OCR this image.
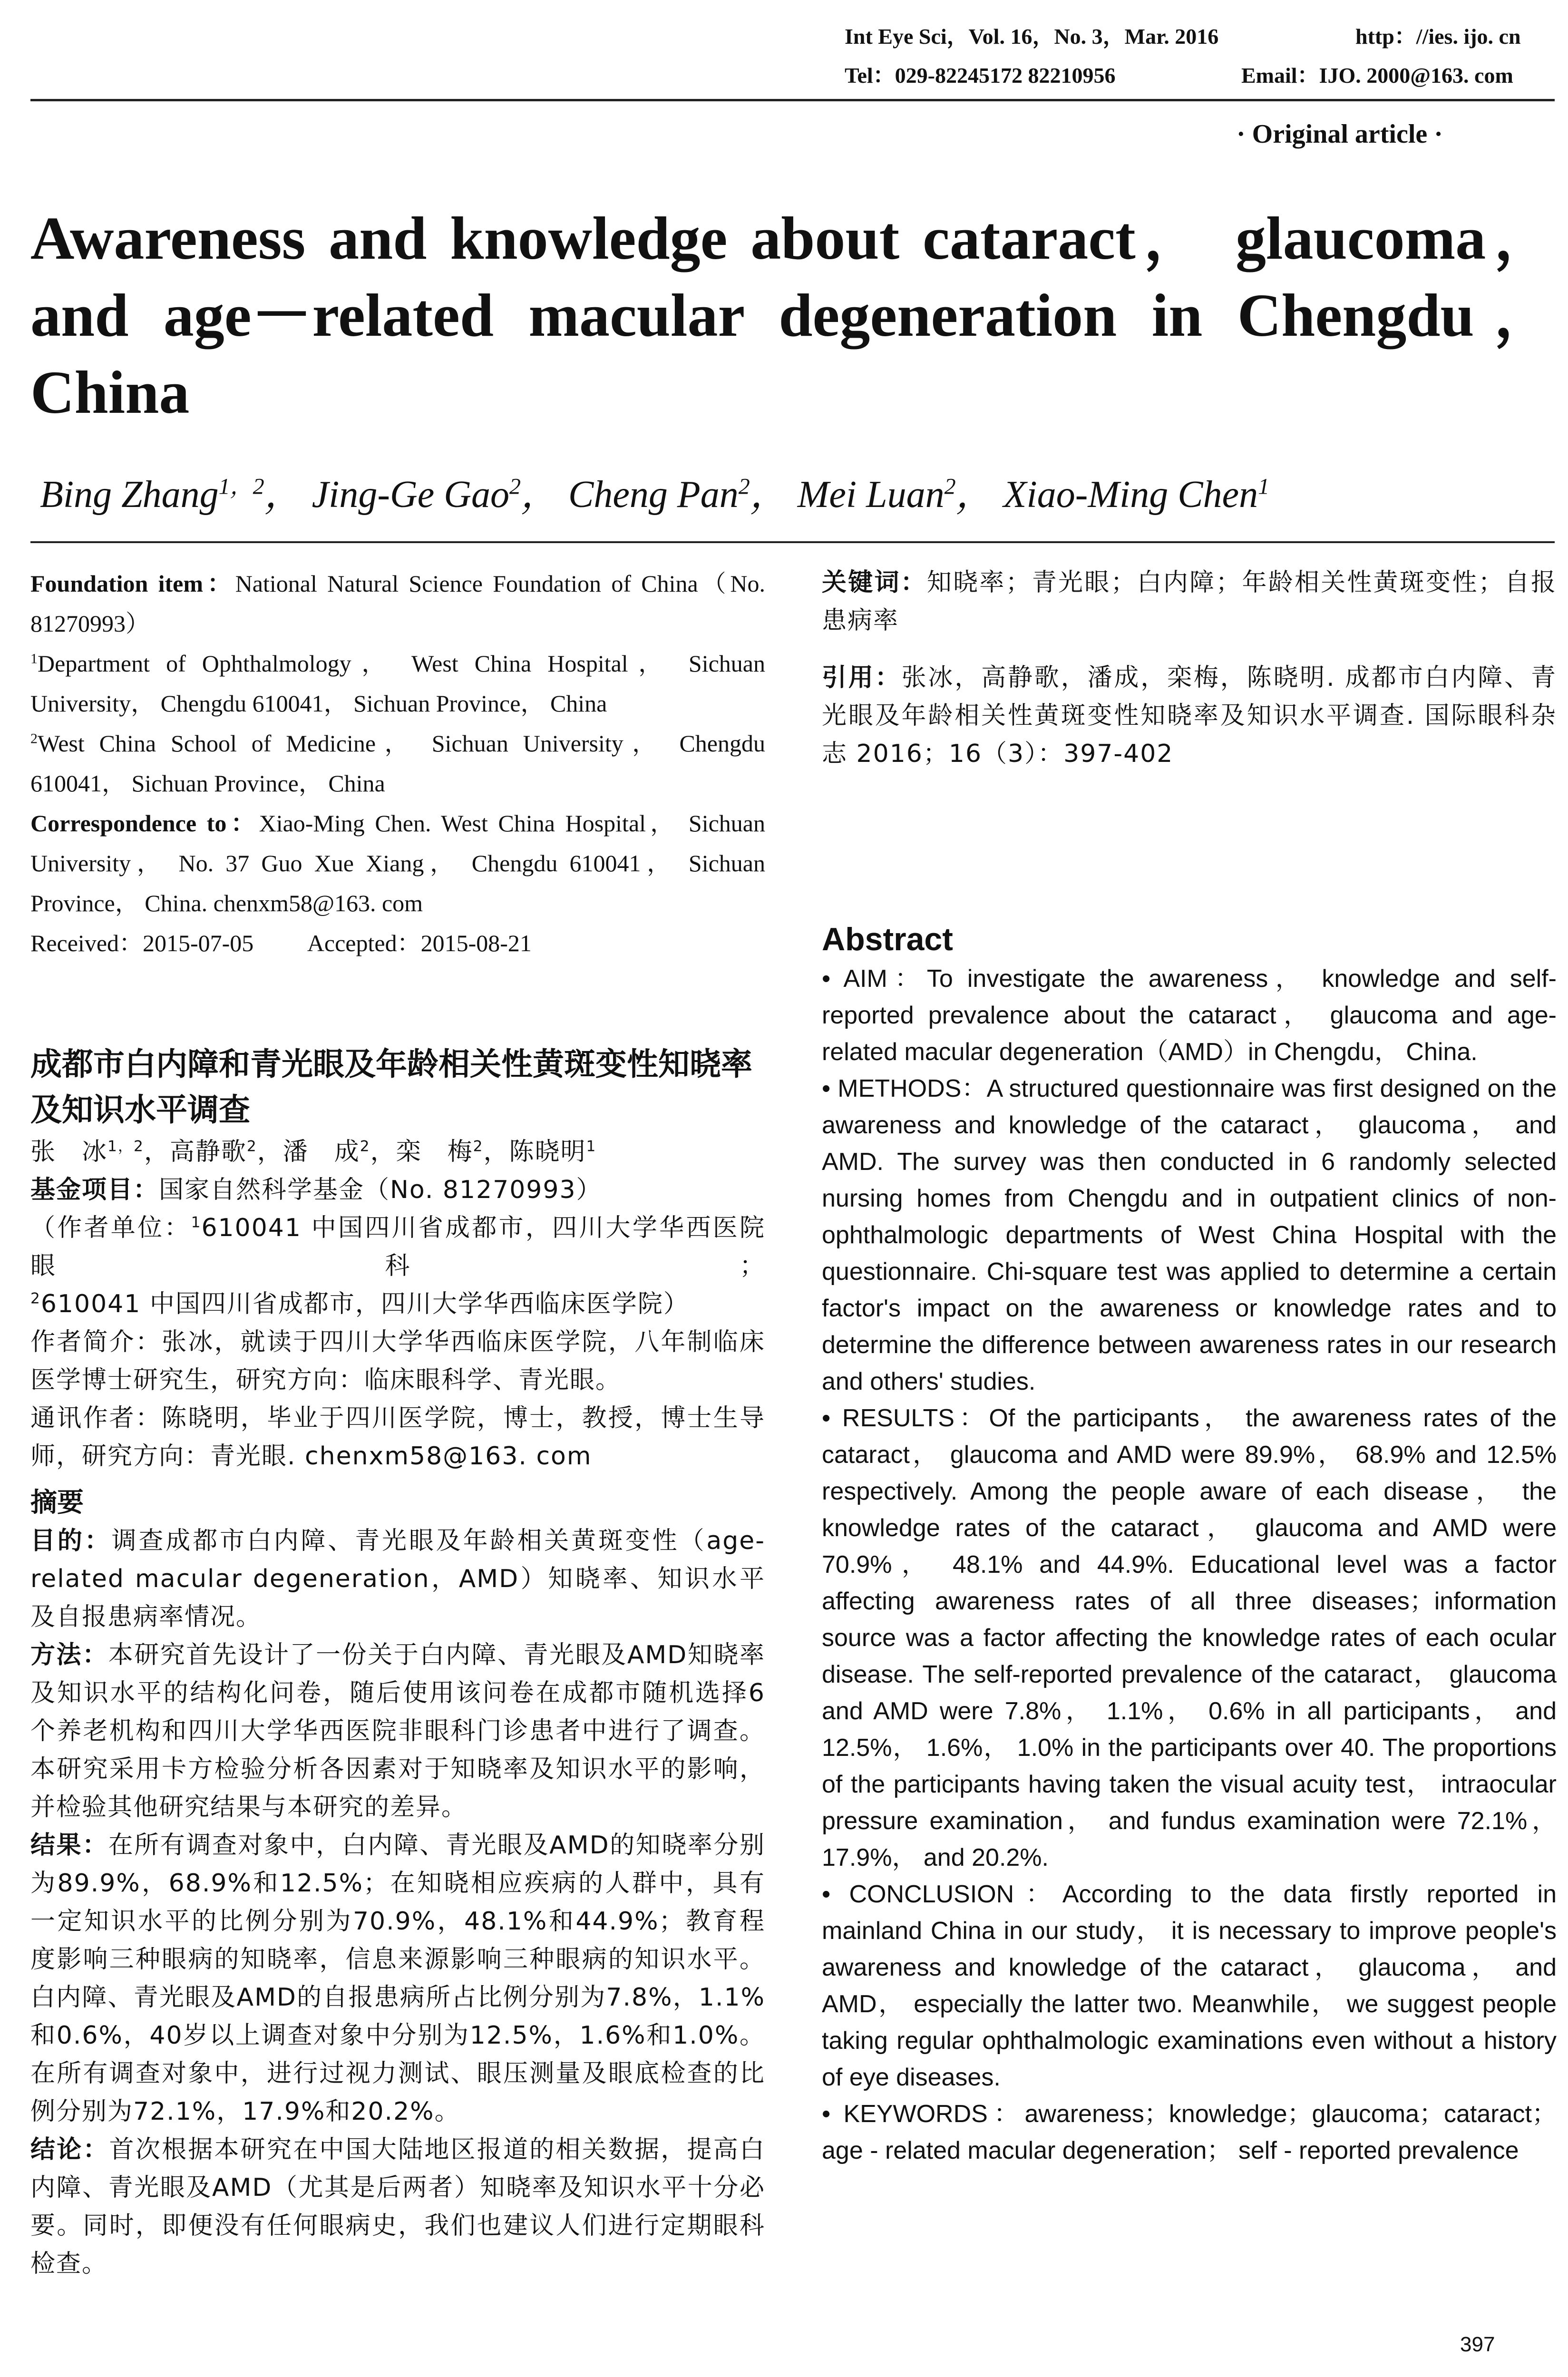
Int Eye Sci，Vol. 16，No. 3，Mar. 2016	http：//ies. ijo. cn
Tel：029-82245172 82210956	Email：IJO. 2000@163. com
· Original article ·
Awareness and knowledge about cataract， glaucoma， and age－related macular degeneration in Chengdu， China
Bing Zhang$^{1,2}$， Jing-Ge Gao$^2$， Cheng Pan$^2$， Mei Luan$^2$， Xiao-Ming Chen$^1$

Foundation item：National Natural Science Foundation of China（No. 81270993）

$^1$Department of Ophthalmology， West China Hospital， Sichuan University， Chengdu 610041， Sichuan Province， China

$^2$West China School of Medicine， Sichuan University， Chengdu 610041， Sichuan Province， China

Correspondence to：Xiao-Ming Chen. West China Hospital， Sichuan University， No. 37 Guo Xue Xiang， Chengdu 610041， Sichuan Province， China. chenxm58@163. com

Received：2015-07-05 Accepted：2015-08-21

成都市白内障和青光眼及年龄相关性黄斑变性知晓率及知识水平调查

张　冰$^{1,2}$，高静歌$^2$，潘　成$^2$，栾　梅$^2$，陈晓明$^1$

基金项目：国家自然科学基金（No. 81270993）

（作者单位：$^1$610041 中国四川省成都市，四川大学华西医院眼科；$^2$610041 中国四川省成都市，四川大学华西临床医学院）

作者简介：张冰，就读于四川大学华西临床医学院，八年制临床医学博士研究生，研究方向：临床眼科学、青光眼。

通讯作者：陈晓明，毕业于四川医学院，博士，教授，博士生导师，研究方向：青光眼. chenxm58@163. com

摘要

目的：调查成都市白内障、青光眼及年龄相关黄斑变性（age-related macular degeneration，AMD）知晓率、知识水平及自报患病率情况。

方法：本研究首先设计了一份关于白内障、青光眼及AMD知晓率及知识水平的结构化问卷，随后使用该问卷在成都市随机选择6个养老机构和四川大学华西医院非眼科门诊患者中进行了调查。本研究采用卡方检验分析各因素对于知晓率及知识水平的影响，并检验其他研究结果与本研究的差异。

结果：在所有调查对象中，白内障、青光眼及AMD的知晓率分别为89.9%，68.9%和12.5%；在知晓相应疾病的人群中，具有一定知识水平的比例分别为70.9%，48.1%和44.9%；教育程度影响三种眼病的知晓率，信息来源影响三种眼病的知识水平。白内障、青光眼及AMD的自报患病所占比例分别为7.8%，1.1%和0.6%，40岁以上调查对象中分别为12.5%，1.6%和1.0%。在所有调查对象中，进行过视力测试、眼压测量及眼底检查的比例分别为72.1%，17.9%和20.2%。

结论：首次根据本研究在中国大陆地区报道的相关数据，提高白内障、青光眼及AMD（尤其是后两者）知晓率及知识水平十分必要。同时，即便没有任何眼病史，我们也建议人们进行定期眼科检查。

关键词：知晓率；青光眼；白内障；年龄相关性黄斑变性；自报患病率

引用：张冰，高静歌，潘成，栾梅，陈晓明. 成都市白内障、青光眼及年龄相关性黄斑变性知晓率及知识水平调查. 国际眼科杂志 2016；16（3）：397-402

Abstract

• AIM：To investigate the awareness， knowledge and self-reported prevalence about the cataract， glaucoma and age-related macular degeneration（AMD）in Chengdu， China.

• METHODS：A structured questionnaire was first designed on the awareness and knowledge of the cataract， glaucoma， and AMD. The survey was then conducted in 6 randomly selected nursing homes from Chengdu and in outpatient clinics of non-ophthalmologic departments of West China Hospital with the questionnaire. Chi-square test was applied to determine a certain factor's impact on the awareness or knowledge rates and to determine the difference between awareness rates in our research and others' studies.

• RESULTS：Of the participants， the awareness rates of the cataract， glaucoma and AMD were 89.9%， 68.9% and 12.5% respectively. Among the people aware of each disease， the knowledge rates of the cataract， glaucoma and AMD were 70.9%， 48.1% and 44.9%. Educational level was a factor affecting awareness rates of all three diseases；information source was a factor affecting the knowledge rates of each ocular disease. The self-reported prevalence of the cataract， glaucoma and AMD were 7.8%， 1.1%， 0.6% in all participants， and 12.5%， 1.6%， 1.0% in the participants over 40. The proportions of the participants having taken the visual acuity test， intraocular pressure examination， and fundus examination were 72.1%， 17.9%， and 20.2%.

• CONCLUSION：According to the data firstly reported in mainland China in our study， it is necessary to improve people's awareness and knowledge of the cataract， glaucoma， and AMD， especially the latter two. Meanwhile， we suggest people taking regular ophthalmologic examinations even without a history of eye diseases.

• KEYWORDS：awareness；knowledge；glaucoma；cataract；age - related macular degeneration； self - reported prevalence

397
